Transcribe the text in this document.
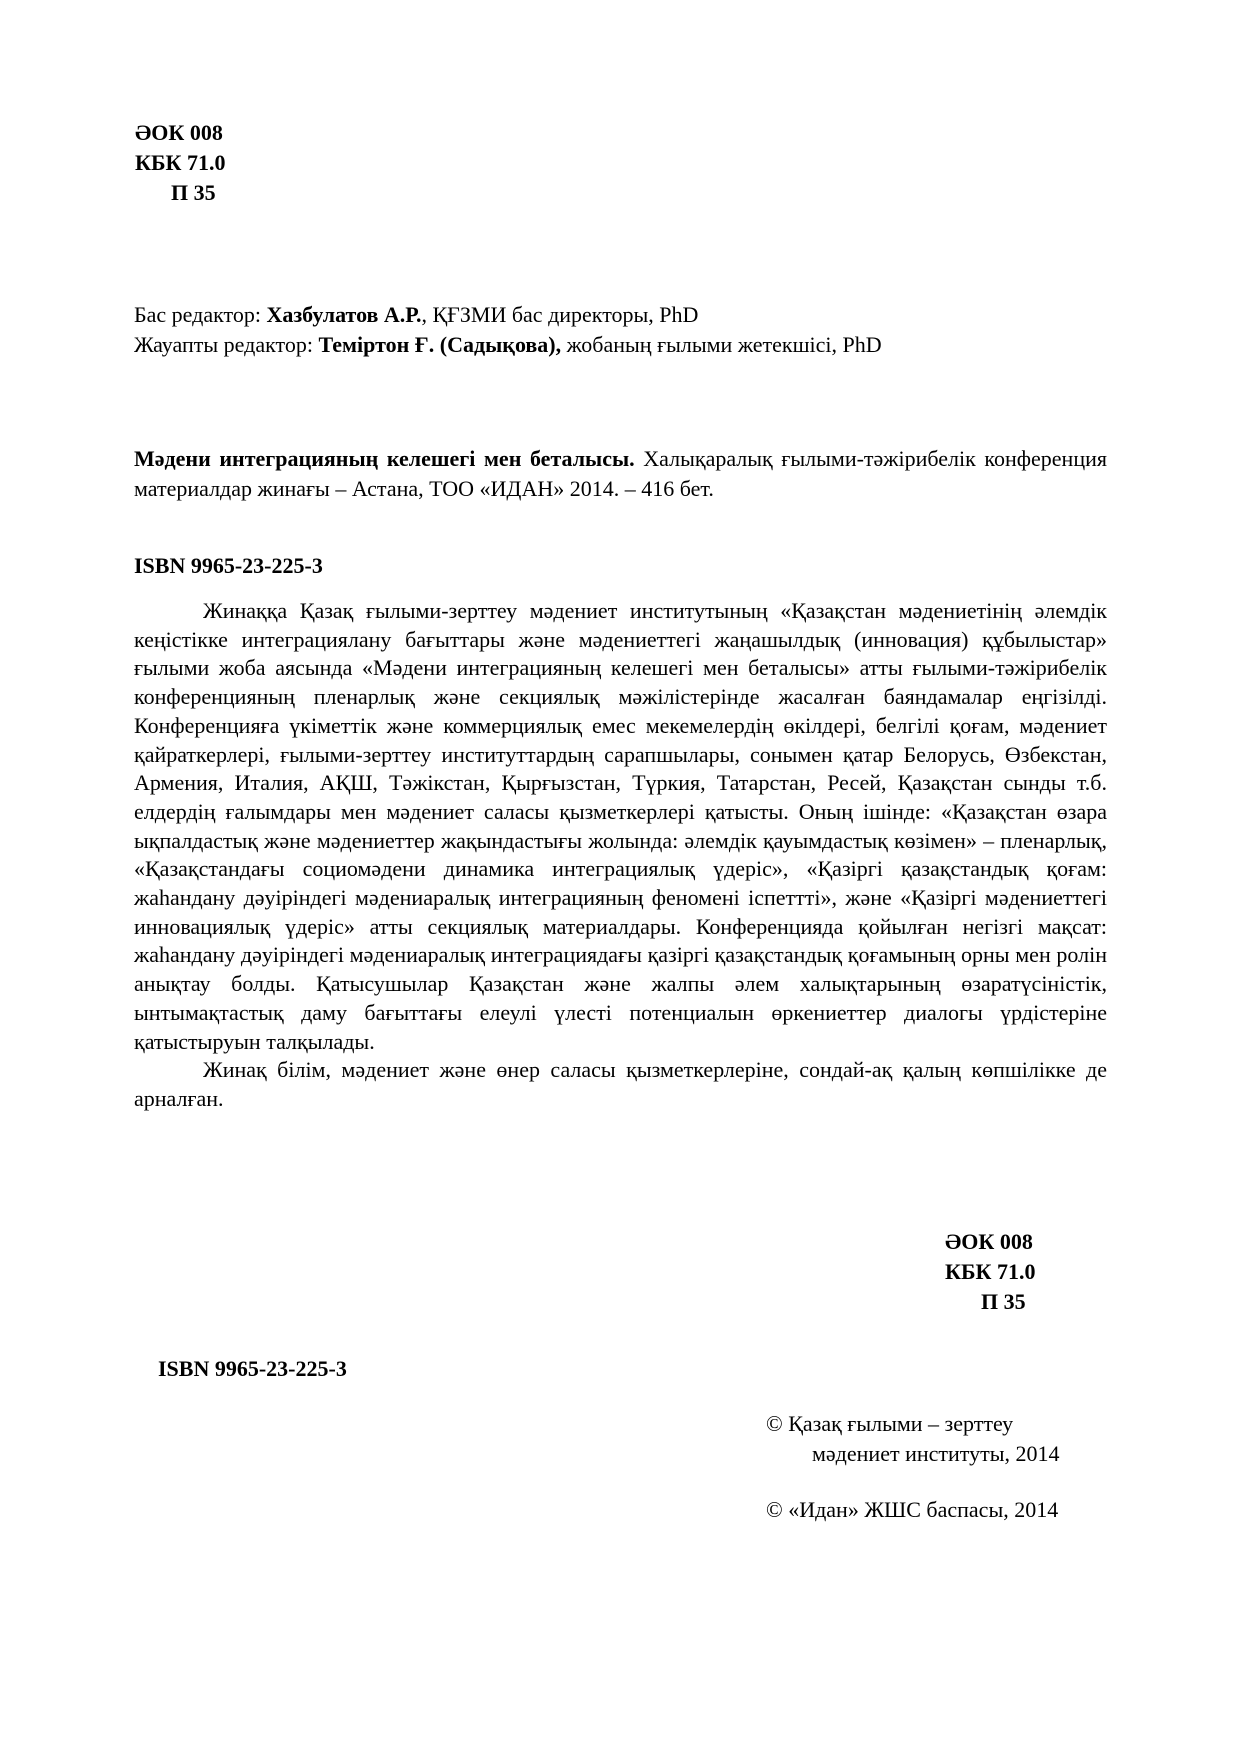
ӘОК 008
КБК 71.0
П 35
Бас редактор: Хазбулатов А.Р., ҚҒЗМИ бас директоры, PhD
Жауапты редактор: Теміртон Ғ. (Садықова), жобаның ғылыми жетекшісі, PhD
Мәдени интеграцияның келешегі мен беталысы. Халықаралық ғылыми-тәжірибелік конференция материалдар жинағы – Астана, ТОО «ИДАН» 2014. – 416 бет.
ISBN 9965-23-225-3

Жинаққа Қазақ ғылыми-зерттеу мәдениет институтының «Қазақстан мәдениетінің әлемдік кеңістікке интеграциялану бағыттары және мәдениеттегі жаңашылдық (инновация) құбылыстар» ғылыми жоба аясында «Мәдени интеграцияның келешегі мен беталысы» атты ғылыми-тәжірибелік конференцияның пленарлық және секциялық мәжілістерінде жасалған баяндамалар еңгізілді. Конференцияға үкіметтік және коммерциялық емес мекемелердің өкілдері, белгілі қоғам, мәдениет қайраткерлері, ғылыми-зерттеу институттардың сарапшылары, сонымен қатар Белорусь, Өзбекстан, Армения, Италия, АҚШ, Тәжікстан, Қырғызстан, Түркия, Татарстан, Ресей, Қазақстан сынды т.б. елдердің ғалымдары мен мәдениет саласы қызметкерлері қатысты. Оның ішінде: «Қазақстан өзара ықпалдастық және мәдениеттер жақындастығы жолында: әлемдік қауымдастық көзімен» – пленарлық, «Қазақстандағы социомәдени динамика интеграциялық үдеріс», «Қазіргі қазақстандық қоғам: жаһандану дәуіріндегі мәдениаралық интеграцияның феномені іспеттті», және «Қазіргі мәдениеттегі инновациялық үдеріс» атты секциялық материалдары. Конференцияда қойылған негізгі мақсат: жаһандану дәуіріндегі мәдениаралық интеграциядағы қазіргі қазақстандық қоғамының орны мен ролін анықтау болды. Қатысушылар Қазақстан және жалпы әлем халықтарының өзаратүсіністік, ынтымақтастық даму бағыттағы елеулі үлесті потенциалын өркениеттер диалогы үрдістеріне қатыстыруын талқылады.

Жинақ білім, мәдениет және өнер саласы қызметкерлеріне, сондай-ақ қалың көпшілікке де арналған.

ӘОК 008
КБК 71.0
П 35
ISBN 9965-23-225-3
© Қазақ ғылыми – зерттеу
мәдениет институты, 2014
© «Идан» ЖШС баспасы, 2014
